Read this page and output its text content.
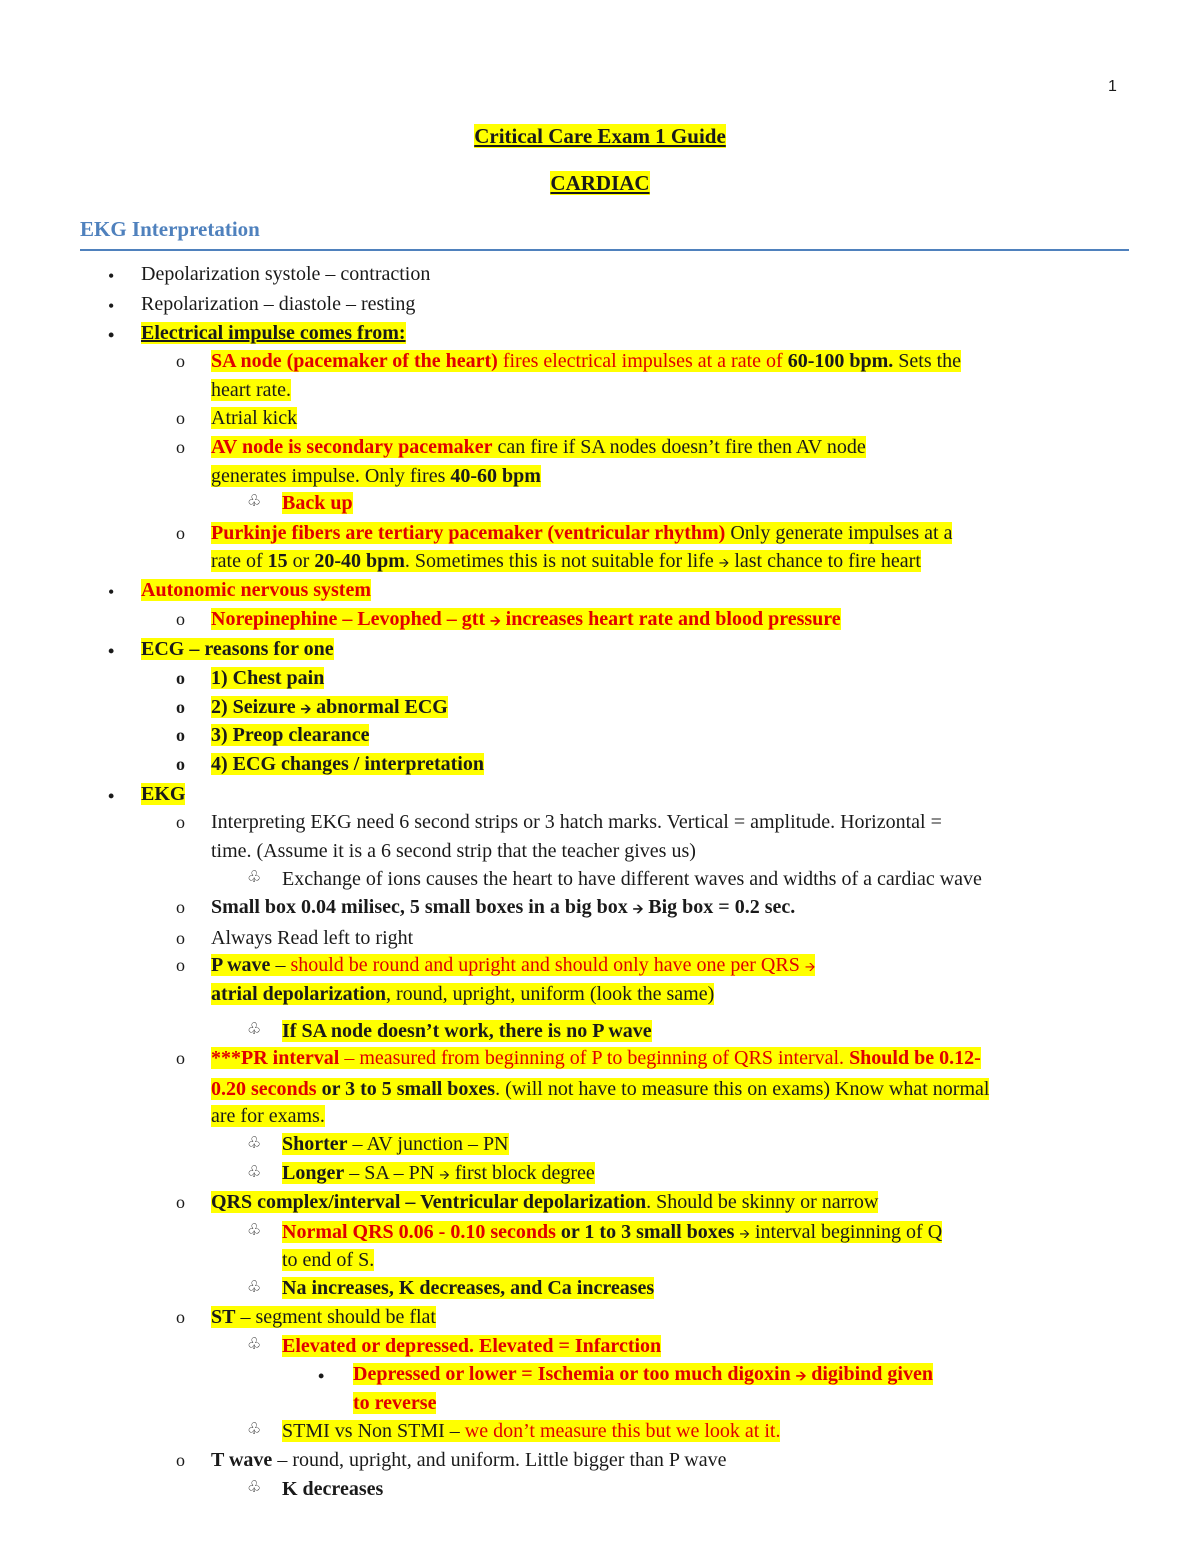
1
Critical Care Exam 1 Guide
CARDIAC
EKG Interpretation
• Depolarization systole – contraction
• Repolarization – diastole – resting
• Electrical impulse comes from:
o SA node (pacemaker of the heart) fires electrical impulses at a rate of 60-100 bpm. Sets the
heart rate.
o Atrial kick
o AV node is secondary pacemaker can fire if SA nodes doesn’t fire then AV node
generates impulse. Only fires 40-60 bpm
♧ Back up
o Purkinje fibers are tertiary pacemaker (ventricular rhythm) Only generate impulses at a
rate of 15 or 20-40 bpm. Sometimes this is not suitable for life 🡪 last chance to fire heart
• Autonomic nervous system
o Norepinephine – Levophed – gtt 🡪 increases heart rate and blood pressure
• ECG – reasons for one
o 1) Chest pain
o 2) Seizure 🡪 abnormal ECG
o 3) Preop clearance
o 4) ECG changes / interpretation
• EKG
o Interpreting EKG need 6 second strips or 3 hatch marks. Vertical = amplitude. Horizontal =
time. (Assume it is a 6 second strip that the teacher gives us)
♧ Exchange of ions causes the heart to have different waves and widths of a cardiac wave
o Small box 0.04 milisec, 5 small boxes in a big box 🡪 Big box = 0.2 sec.
o Always Read left to right
o P wave – should be round and upright and should only have one per QRS 🡪
atrial depolarization, round, upright, uniform (look the same)
♧ If SA node doesn’t work, there is no P wave
o ***PR interval – measured from beginning of P to beginning of QRS interval. Should be 0.12-
0.20 seconds or 3 to 5 small boxes. (will not have to measure this on exams) Know what normal
are for exams.
♧ Shorter – AV junction – PN
♧ Longer – SA – PN 🡪 first block degree
o QRS complex/interval – Ventricular depolarization. Should be skinny or narrow
♧ Normal QRS 0.06 - 0.10 seconds or 1 to 3 small boxes 🡪 interval beginning of Q
to end of S.
♧ Na increases, K decreases, and Ca increases
o ST – segment should be flat
♧ Elevated or depressed. Elevated = Infarction
• Depressed or lower = Ischemia or too much digoxin 🡪 digibind given
to reverse
♧ STMI vs Non STMI – we don’t measure this but we look at it.
o T wave – round, upright, and uniform. Little bigger than P wave
♧ K decreases
